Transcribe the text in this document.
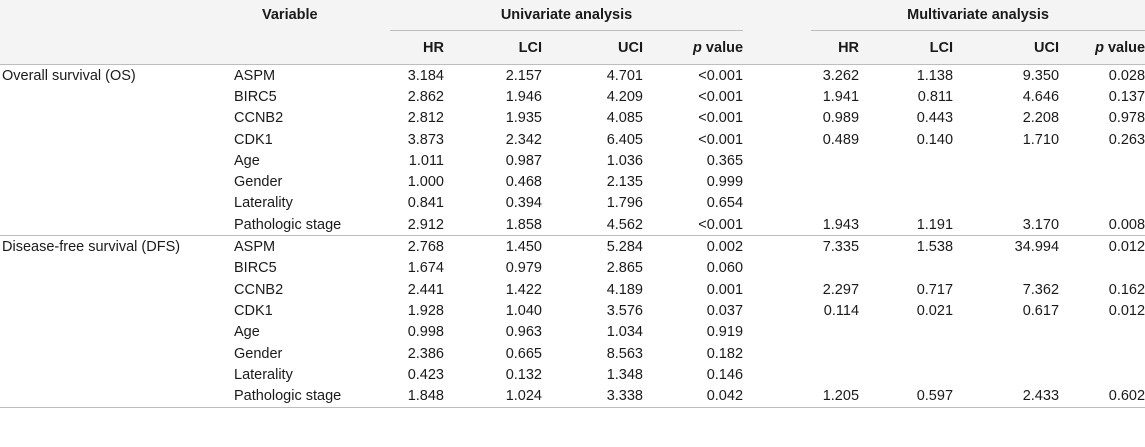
	Variable	Univariate analysis					Multivariate analysis			
		HR	LCI	UCI	p value		HR	LCI	UCI	p value
Overall survival (OS)	ASPM	3.184	2.157	4.701	<0.001		3.262	1.138	9.350	0.028
	BIRC5	2.862	1.946	4.209	<0.001		1.941	0.811	4.646	0.137
	CCNB2	2.812	1.935	4.085	<0.001		0.989	0.443	2.208	0.978
	CDK1	3.873	2.342	6.405	<0.001		0.489	0.140	1.710	0.263
	Age	1.011	0.987	1.036	0.365					
	Gender	1.000	0.468	2.135	0.999					
	Laterality	0.841	0.394	1.796	0.654					
	Pathologic stage	2.912	1.858	4.562	<0.001		1.943	1.191	3.170	0.008
Disease-free survival (DFS)	ASPM	2.768	1.450	5.284	0.002		7.335	1.538	34.994	0.012
	BIRC5	1.674	0.979	2.865	0.060					
	CCNB2	2.441	1.422	4.189	0.001		2.297	0.717	7.362	0.162
	CDK1	1.928	1.040	3.576	0.037		0.114	0.021	0.617	0.012
	Age	0.998	0.963	1.034	0.919					
	Gender	2.386	0.665	8.563	0.182					
	Laterality	0.423	0.132	1.348	0.146					
	Pathologic stage	1.848	1.024	3.338	0.042		1.205	0.597	2.433	0.602
